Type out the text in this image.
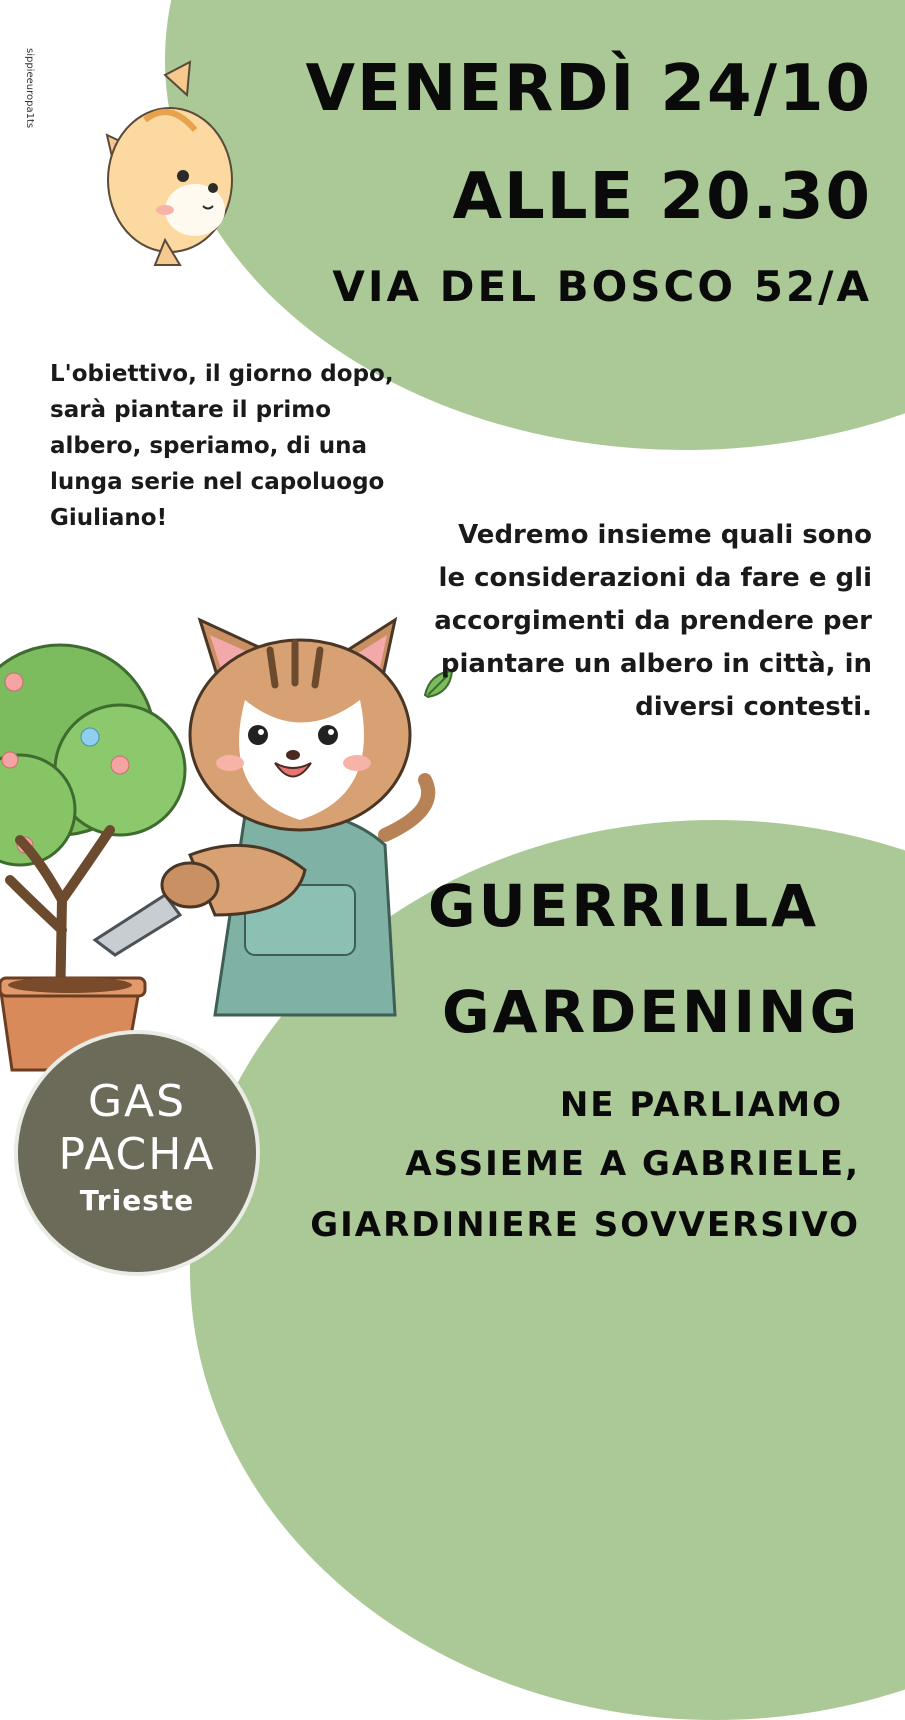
sippieeuropa1ts	VENERDÌ 24/10
ALLE 20.30
VIA DEL BOSCO 52/A
L'obiettivo, il giorno dopo, sarà piantare il primo albero, speriamo, di una lunga serie nel capoluogo Giuliano!
Vedremo insieme quali sono le considerazioni da fare e gli accorgimenti da prendere per piantare un albero in città, in diversi contesti.
GUERRILLA
GARDENING
NE PARLIAMO
ASSIEME A GABRIELE,
GIARDINIERE SOVVERSIVO
GAS
PACHA
Trieste
